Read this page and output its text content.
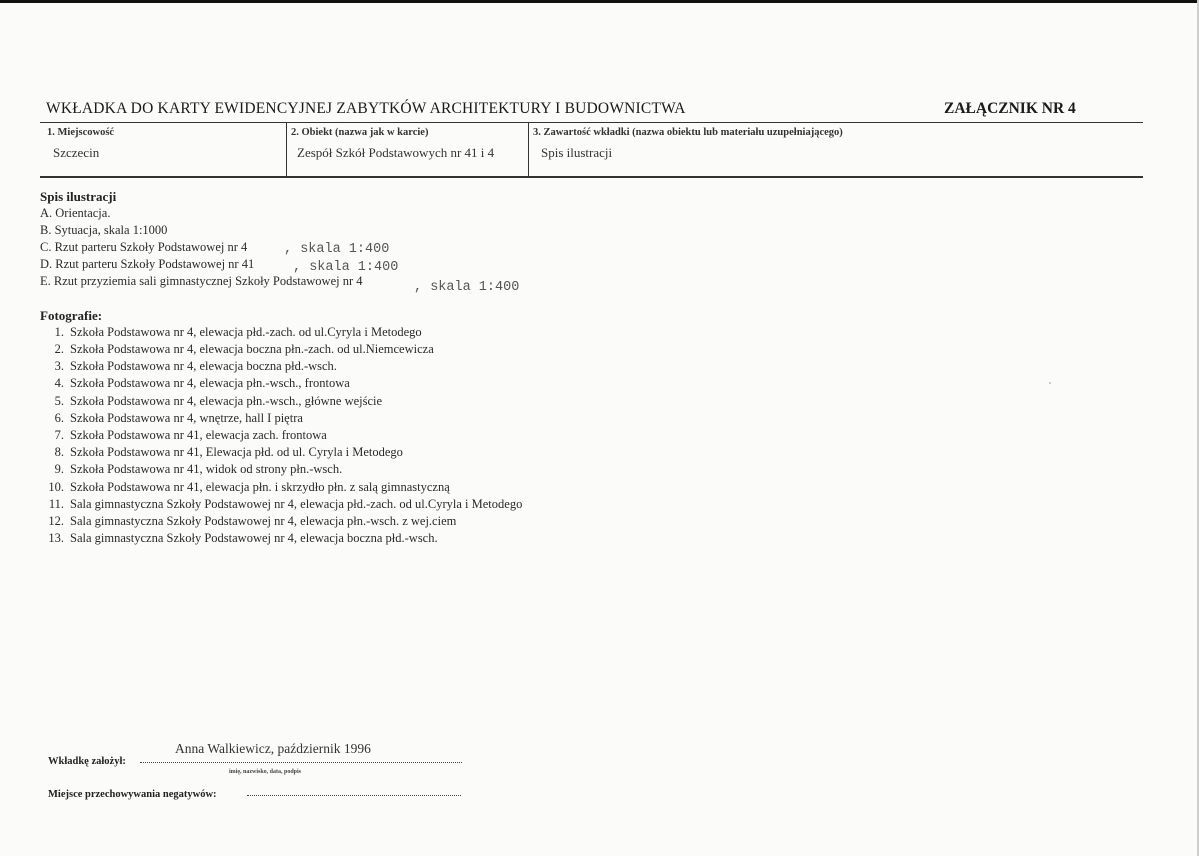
WKŁADKA DO KARTY EWIDENCYJNEJ ZABYTKÓW ARCHITEKTURY I BUDOWNICTWA	ZAŁĄCZNIK NR 4
1. Miejscowość
Szczecin
2. Obiekt (nazwa jak w karcie)
Zespół Szkół Podstawowych nr 41 i 4
3. Zawartość wkładki (nazwa obiektu lub materiału uzupełniającego)
Spis ilustracji
Spis ilustracji
A. Orientacja.
B. Sytuacja, skala 1:1000
C. Rzut parteru Szkoły Podstawowej nr 4	, skala 1:400
D. Rzut parteru Szkoły Podstawowej nr 41	, skala 1:400
E. Rzut przyziemia sali gimnastycznej Szkoły Podstawowej nr 4	, skala 1:400
Fotografie:
1. Szkoła Podstawowa nr 4, elewacja płd.-zach. od ul.Cyryla i Metodego
2. Szkoła Podstawowa nr 4, elewacja boczna płn.-zach. od ul.Niemcewicza
3. Szkoła Podstawowa nr 4, elewacja boczna płd.-wsch.
4. Szkoła Podstawowa nr 4, elewacja płn.-wsch., frontowa
5. Szkoła Podstawowa nr 4, elewacja płn.-wsch., główne wejście
6. Szkoła Podstawowa nr 4, wnętrze, hall I piętra
7. Szkoła Podstawowa nr 41, elewacja zach. frontowa
8. Szkoła Podstawowa nr 41, Elewacja płd. od ul. Cyryla i Metodego
9. Szkoła Podstawowa nr 41, widok od strony płn.-wsch.
10. Szkoła Podstawowa nr 41, elewacja płn. i skrzydło płn. z salą gimnastyczną
11. Sala gimnastyczna Szkoły Podstawowej nr 4, elewacja płd.-zach. od ul.Cyryla i Metodego
12. Sala gimnastyczna Szkoły Podstawowej nr 4, elewacja płn.-wsch. z wej.ciem
13. Sala gimnastyczna Szkoły Podstawowej nr 4, elewacja boczna płd.-wsch.
Anna Walkiewicz, październik 1996
Wkładkę założył:
imię, nazwisko, data, podpis
Miejsce przechowywania negatywów:
